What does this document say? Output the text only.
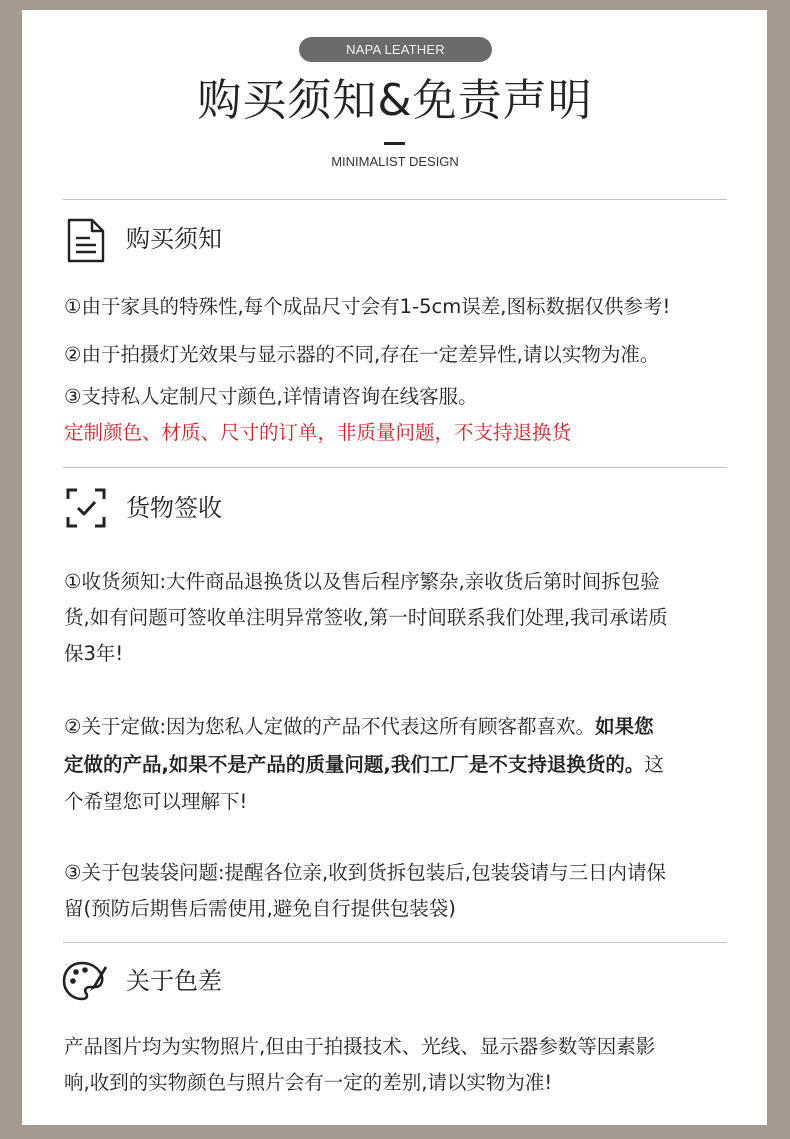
NAPA LEATHER
购买须知&免责声明
MINIMALIST DESIGN
购买须知
①由于家具的特殊性,每个成品尺寸会有1-5cm误差,图标数据仅供参考!
②由于拍摄灯光效果与显示器的不同,存在一定差异性,请以实物为准。
③支持私人定制尺寸颜色,详情请咨询在线客服。
定制颜色、材质、尺寸的订单，非质量问题，不支持退换货
货物签收
①收货须知:大件商品退换货以及售后程序繁杂,亲收货后第时间拆包验
货,如有问题可签收单注明异常签收,第一时间联系我们处理,我司承诺质
保3年!
②关于定做:因为您私人定做的产品不代表这所有顾客都喜欢。如果您
定做的产品,如果不是产品的质量问题,我们工厂是不支持退换货的。这
个希望您可以理解下!
③关于包装袋问题:提醒各位亲,收到货拆包装后,包装袋请与三日内请保
留(预防后期售后需使用,避免自行提供包装袋)
关于色差
产品图片均为实物照片,但由于拍摄技术、光线、显示器参数等因素影
响,收到的实物颜色与照片会有一定的差别,请以实物为准!
